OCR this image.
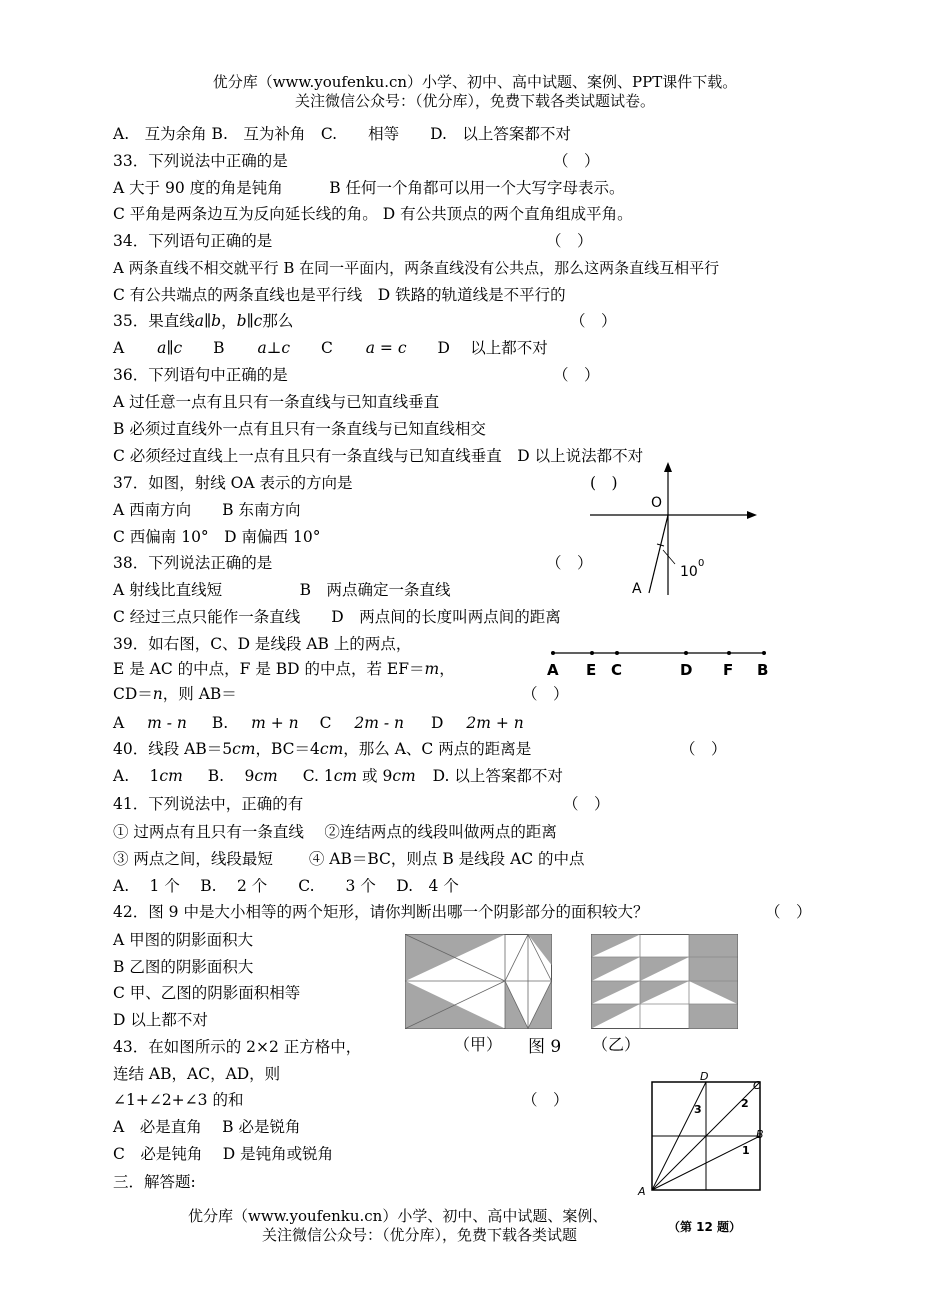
优分库（www.youfenku.cn）小学、初中、高中试题、案例、PPT课件下载。
关注微信公众号：（优分库），免费下载各类试题试卷。
A.　互为余角 B.　互为补角　C.　　相等　　D.　以上答案都不对
33．下列说法中正确的是	（　）
A 大于 90 度的角是钝角　　　B 任何一个角都可以用一个大写字母表示。
C 平角是两条边互为反向延长线的角。 D 有公共顶点的两个直角组成平角。
34．下列语句正确的是	（　）
A 两条直线不相交就平行 B 在同一平面内，两条直线没有公共点，那么这两条直线互相平行
C 有公共端点的两条直线也是平行线　D 铁路的轨道线是不平行的
35．果直线a∥b，b∥c那么	（　）
A a∥c B a⊥c C a = c D　 以上都不对
36．下列语句中正确的是	（　）
A 过任意一点有且只有一条直线与已知直线垂直
B 必须过直线外一点有且只有一条直线与已知直线相交
C 必须经过直线上一点有且只有一条直线与已知直线垂直　D 以上说法都不对
37．如图，射线 OA 表示的方向是	(　)
A 西南方向　　B 东南方向
C 西偏南 10°　D 南偏西 10°
O
A
10
0
38．下列说法正确的是	（　）
A 射线比直线短　　　　　B　两点确定一条直线
C 经过三点只能作一条直线　　D　两点间的长度叫两点间的距离
39．如右图，C、D 是线段 AB 上的两点，
E 是 AC 的中点，F 是 BD 的中点，若 EF＝m，
CD＝n，则 AB＝	（　）
A E C	D F B
A m - n B. m + n C 2m - n D 2m + n
40．线段 AB＝5cm，BC＝4cm，那么 A、C 两点的距离是	（　）
A.　 1cm B.　 9cm C. 1cm 或 9cm D. 以上答案都不对
41．下列说法中，正确的有	（　）
① 过两点有且只有一条直线　 ②连结两点的线段叫做两点的距离
③ 两点之间，线段最短　　 ④ AB＝BC，则点 B 是线段 AC 的中点
A.　 1 个　 B.　 2 个　　C.　　3 个　 D.　4 个
42．图 9 中是大小相等的两个矩形，请你判断出哪一个阴影部分的面积较大？	（　）
A 甲图的阴影面积大
B 乙图的阴影面积大
C 甲、乙图的阴影面积相等
D 以上都不对
（甲） 图 9 （乙）
43．在如图所示的 2×2 正方格中，
连结 AB，AC，AD，则
∠1+∠2+∠3 的和	（　）
A　必是直角　 B 必是锐角
C　必是钝角　 D 是钝角或锐角
三．解答题:
D
C
B
A
1
2
3
优分库（www.youfenku.cn）小学、初中、高中试题、案例、
关注微信公众号：（优分库），免费下载各类试题	（第 12 题）
